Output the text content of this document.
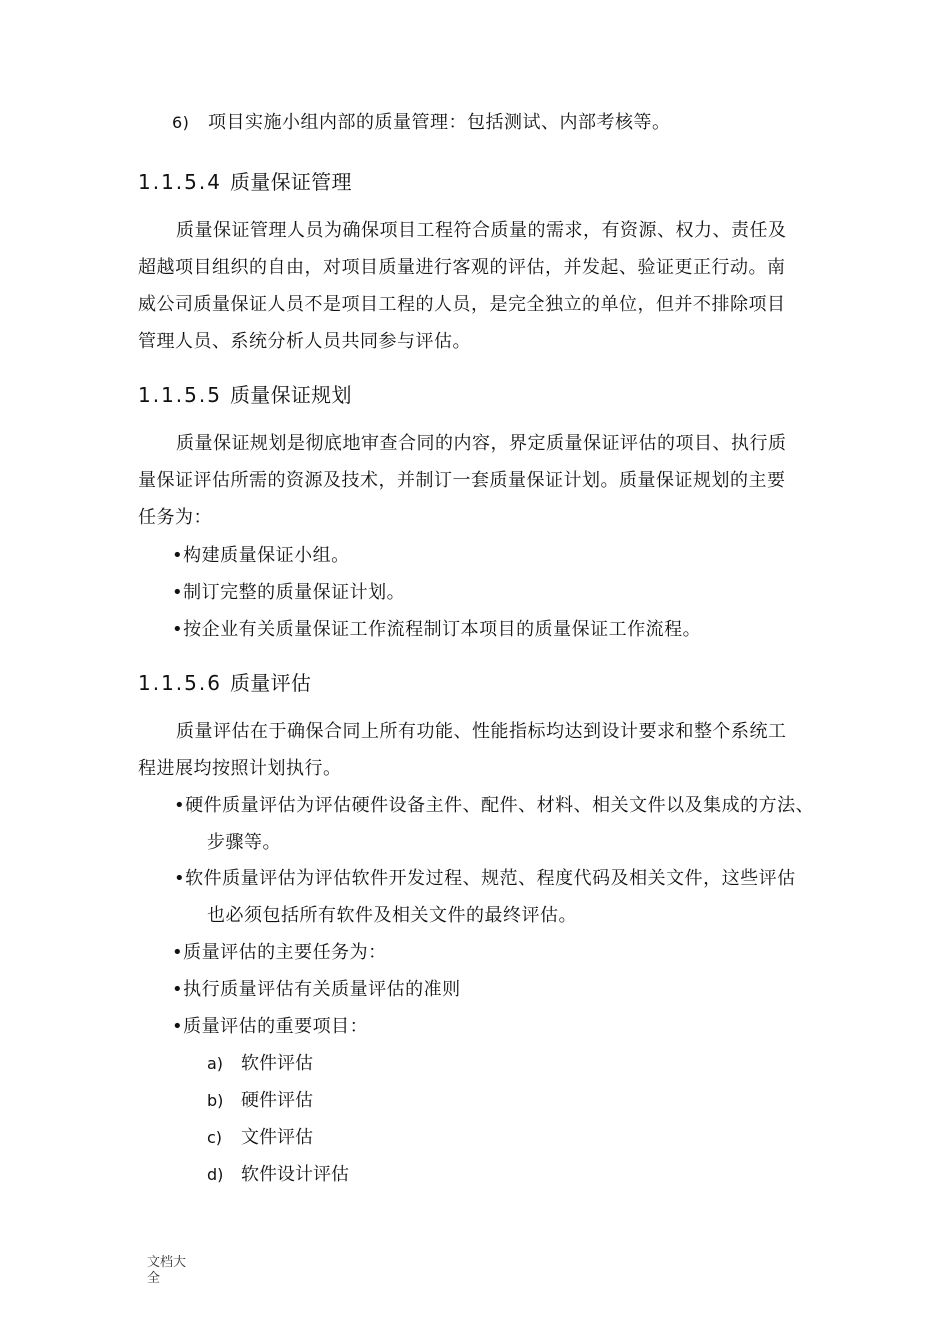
6) 项目实施小组内部的质量管理：包括测试、内部考核等。
1.1.5.4 质量保证管理
质量保证管理人员为确保项目工程符合质量的需求，有资源、权力、责任及
超越项目组织的自由，对项目质量进行客观的评估，并发起、验证更正行动。南
威公司质量保证人员不是项目工程的人员，是完全独立的单位，但并不排除项目
管理人员、系统分析人员共同参与评估。
1.1.5.5 质量保证规划
质量保证规划是彻底地审查合同的内容，界定质量保证评估的项目、执行质
量保证评估所需的资源及技术，并制订一套质量保证计划。质量保证规划的主要
任务为：
•构建质量保证小组。
•制订完整的质量保证计划。
•按企业有关质量保证工作流程制订本项目的质量保证工作流程。
1.1.5.6 质量评估
质量评估在于确保合同上所有功能、性能指标均达到设计要求和整个系统工
程进展均按照计划执行。
•硬件质量评估为评估硬件设备主件、配件、材料、相关文件以及集成的方法、
步骤等。
•软件质量评估为评估软件开发过程、规范、程度代码及相关文件，这些评估
也必须包括所有软件及相关文件的最终评估。
•质量评估的主要任务为：
•执行质量评估有关质量评估的准则
•质量评估的重要项目：
a) 软件评估
b) 硬件评估
c) 文件评估
d) 软件设计评估
文档大全
